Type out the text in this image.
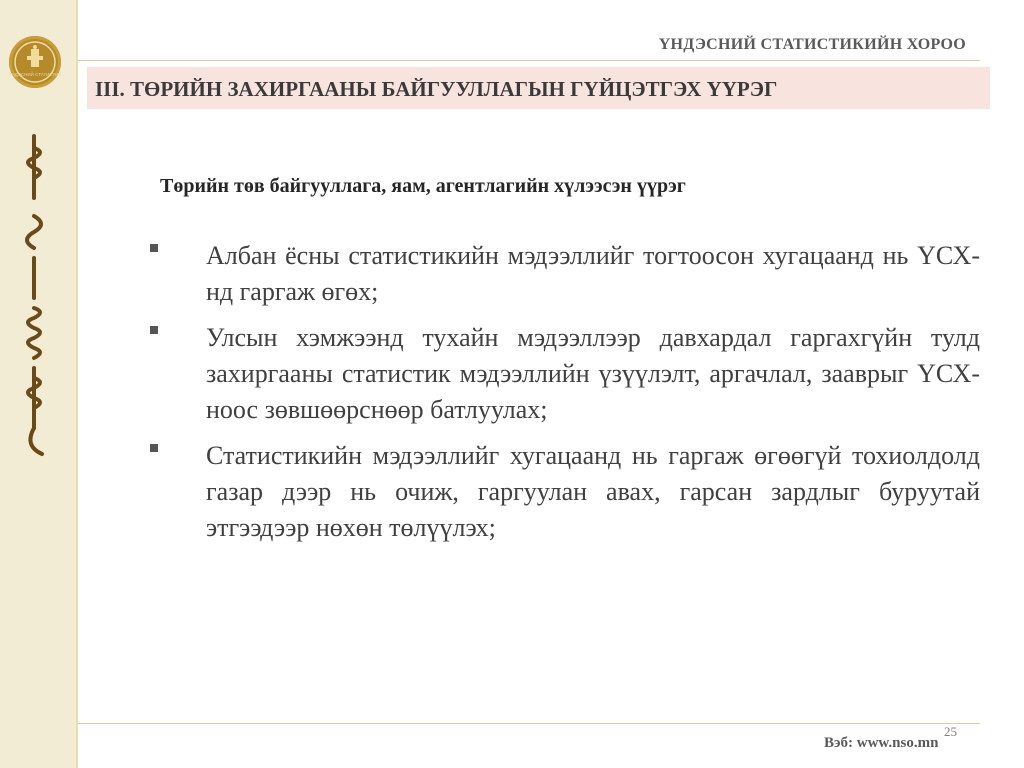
ҮНДЭСНИЙ СТАТИСТИК
ҮНДЭСНИЙ СТАТИСТИКИЙН ХОРОО
III. ТӨРИЙН ЗАХИРГААНЫ БАЙГУУЛЛАГЫН ГҮЙЦЭТГЭХ ҮҮРЭГ
Төрийн төв байгууллага, яам, агентлагийн хүлээсэн үүрэг
Албан ёсны статистикийн мэдээллийг тогтоосон хугацаанд нь ҮСХ-нд гаргаж өгөх;
Улсын хэмжээнд тухайн мэдээллээр давхардал гаргахгүйн тулд захиргааны статистик мэдээллийн үзүүлэлт, аргачлал, зааврыг ҮСХ-ноос зөвшөөрснөөр батлуулах;
Статистикийн мэдээллийг хугацаанд нь гаргаж өгөөгүй тохиолдолд газар дээр нь очиж, гаргуулан авах, гарсан зардлыг буруутай этгээдээр нөхөн төлүүлэх;
25
Вэб: www.nso.mn
